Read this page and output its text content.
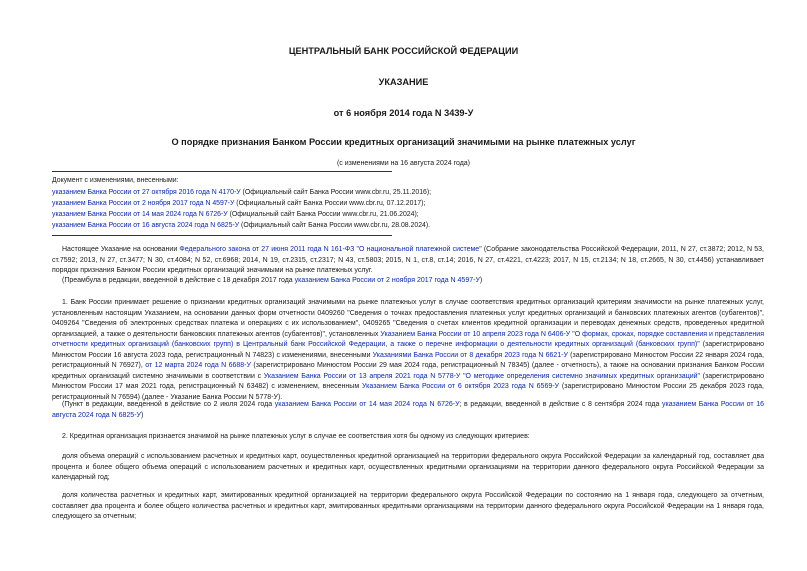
ЦЕНТРАЛЬНЫЙ БАНК РОССИЙСКОЙ ФЕДЕРАЦИИ
УКАЗАНИЕ
от 6 ноября 2014 года N 3439-У
О порядке признания Банком России кредитных организаций значимыми на рынке платежных услуг
(с изменениями на 16 августа 2024 года)
Документ с изменениями, внесенными:
указанием Банка России от 27 октября 2016 года N 4170-У (Официальный сайт Банка России www.cbr.ru, 25.11.2016);
указанием Банка России от 2 ноября 2017 года N 4597-У (Официальный сайт Банка России www.cbr.ru, 07.12.2017);
указанием Банка России от 14 мая 2024 года N 6726-У (Официальный сайт Банка России www.cbr.ru, 21.06.2024);
указанием Банка России от 16 августа 2024 года N 6825-У (Официальный сайт Банка России www.cbr.ru, 28.08.2024).

Настоящее Указание на основании Федерального закона от 27 июня 2011 года N 161-ФЗ "О национальной платежной системе" (Собрание законодательства Российской Федерации, 2011, N 27, ст.3872; 2012, N 53, ст.7592; 2013, N 27, ст.3477; N 30, ст.4084; N 52, ст.6968; 2014, N 19, ст.2315, ст.2317; N 43, ст.5803; 2015, N 1, ст.8, ст.14; 2016, N 27, ст.4221, ст.4223; 2017, N 15, ст.2134; N 18, ст.2665, N 30, ст.4456) устанавливает порядок признания Банком России кредитных организаций значимыми на рынке платежных услуг.

(Преамбула в редакции, введенной в действие с 18 декабря 2017 года указанием Банка России от 2 ноября 2017 года N 4597-У)

1. Банк России принимает решение о признании кредитных организаций значимыми на рынке платежных услуг в случае соответствия кредитных организаций критериям значимости на рынке платежных услуг, установленным настоящим Указанием, на основании данных форм отчетности 0409260 "Сведения о точках предоставления платежных услуг кредитных организаций и банковских платежных агентов (субагентов)", 0409264 "Сведения об электронных средствах платежа и операциях с их использованием", 0409265 "Сведения о счетах клиентов кредитной организации и переводах денежных средств, проведенных кредитной организацией, а также о деятельности банковских платежных агентов (субагентов)", установленных Указанием Банка России от 10 апреля 2023 года N 6406-У "О формах, сроках, порядке составления и представления отчетности кредитных организаций (банковских групп) в Центральный банк Российской Федерации, а также о перечне информации о деятельности кредитных организаций (банковских групп)" (зарегистрировано Минюстом России 16 августа 2023 года, регистрационный N 74823) с изменениями, внесенными Указаниями Банка России от 8 декабря 2023 года N 6621-У (зарегистрировано Минюстом России 22 января 2024 года, регистрационный N 76927), от 12 марта 2024 года N 6688-У (зарегистрировано Минюстом России 29 мая 2024 года, регистрационный N 78345) (далее - отчетность), а также на основании признания Банком России кредитных организаций системно значимыми в соответствии с Указанием Банка России от 13 апреля 2021 года N 5778-У "О методике определения системно значимых кредитных организаций" (зарегистрировано Минюстом России 17 мая 2021 года, регистрационный N 63482) с изменением, внесенным Указанием Банка России от 6 октября 2023 года N 6569-У (зарегистрировано Минюстом России 25 декабря 2023 года, регистрационный N 76594) (далее - Указание Банка России N 5778-У).

(Пункт в редакции, введенной в действие со 2 июля 2024 года указанием Банка России от 14 мая 2024 года N 6726-У; в редакции, введенной в действие с 8 сентября 2024 года указанием Банка России от 16 августа 2024 года N 6825-У)

2. Кредитная организация признается значимой на рынке платежных услуг в случае ее соответствия хотя бы одному из следующих критериев:

доля объема операций с использованием расчетных и кредитных карт, осуществленных кредитной организацией на территории федерального округа Российской Федерации за календарный год, составляет два процента и более общего объема операций с использованием расчетных и кредитных карт, осуществленных кредитными организациями на территории данного федерального округа Российской Федерации за календарный год;

доля количества расчетных и кредитных карт, эмитированных кредитной организацией на территории федерального округа Российской Федерации по состоянию на 1 января года, следующего за отчетным, составляет два процента и более общего количества расчетных и кредитных карт, эмитированных кредитными организациями на территории данного федерального округа Российской Федерации на 1 января года, следующего за отчетным;
